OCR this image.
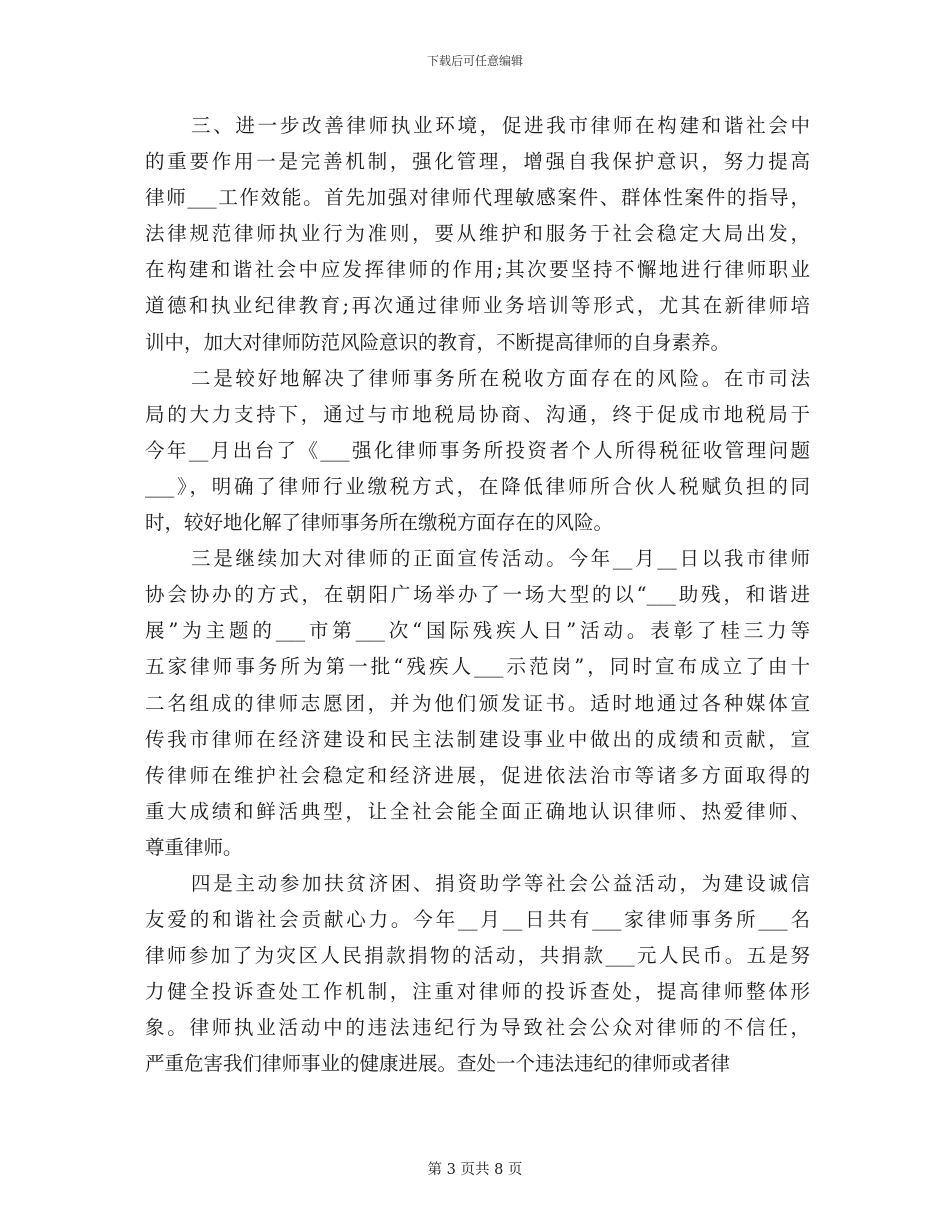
下载后可任意编辑
三、进一步改善律师执业环境，促进我市律师在构建和谐社会中
的重要作用一是完善机制，强化管理，增强自我保护意识，努力提高
律师___工作效能。首先加强对律师代理敏感案件、群体性案件的指导，
法律规范律师执业行为准则，要从维护和服务于社会稳定大局出发，
在构建和谐社会中应发挥律师的作用;其次要坚持不懈地进行律师职业
道德和执业纪律教育;再次通过律师业务培训等形式，尤其在新律师培
训中，加大对律师防范风险意识的教育，不断提高律师的自身素养。
二是较好地解决了律师事务所在税收方面存在的风险。在市司法
局的大力支持下，通过与市地税局协商、沟通，终于促成市地税局于
今年__月出台了《___强化律师事务所投资者个人所得税征收管理问题
___》，明确了律师行业缴税方式，在降低律师所合伙人税赋负担的同
时，较好地化解了律师事务所在缴税方面存在的风险。
三是继续加大对律师的正面宣传活动。今年__月__日以我市律师
协会协办的方式，在朝阳广场举办了一场大型的以“___助残，和谐进
展”为主题的___市第___次“国际残疾人日”活动。表彰了桂三力等
五家律师事务所为第一批“残疾人___示范岗”，同时宣布成立了由十
二名组成的律师志愿团，并为他们颁发证书。适时地通过各种媒体宣
传我市律师在经济建设和民主法制建设事业中做出的成绩和贡献，宣
传律师在维护社会稳定和经济进展，促进依法治市等诸多方面取得的
重大成绩和鲜活典型，让全社会能全面正确地认识律师、热爱律师、
尊重律师。
四是主动参加扶贫济困、捐资助学等社会公益活动，为建设诚信
友爱的和谐社会贡献心力。今年__月__日共有___家律师事务所___名
律师参加了为灾区人民捐款捐物的活动，共捐款___元人民币。五是努
力健全投诉查处工作机制，注重对律师的投诉查处，提高律师整体形
象。律师执业活动中的违法违纪行为导致社会公众对律师的不信任，
严重危害我们律师事业的健康进展。查处一个违法违纪的律师或者律
第 3 页共 8 页
